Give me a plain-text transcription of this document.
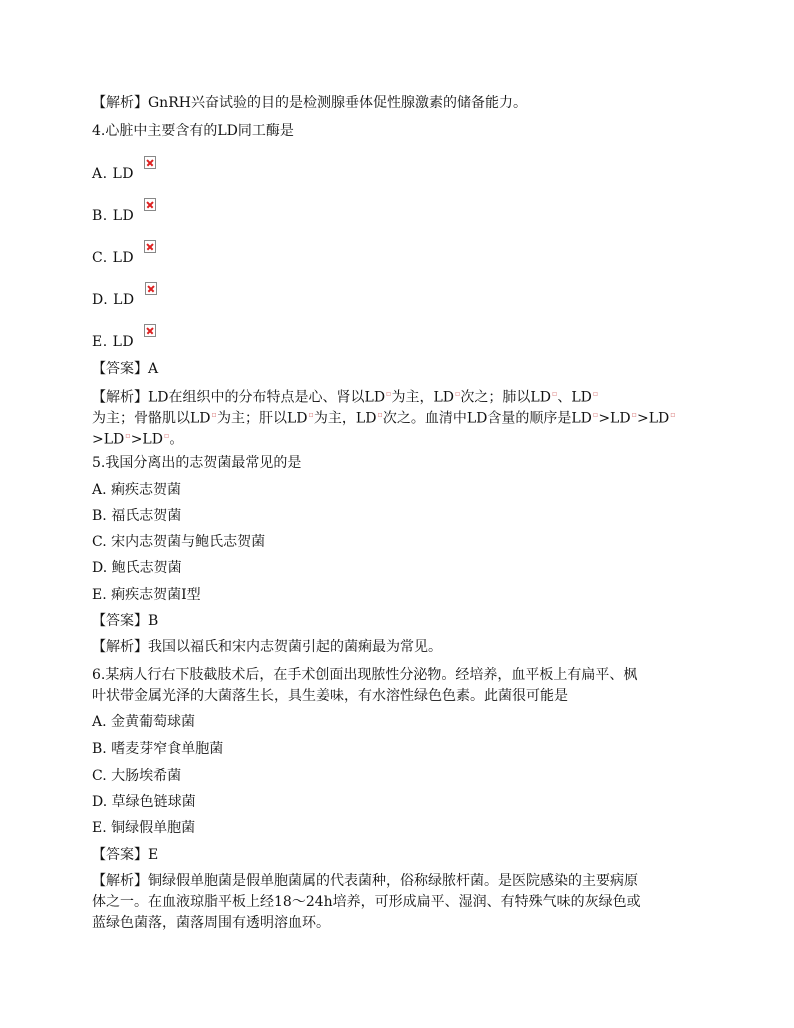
【解析】GnRH兴奋试验的目的是检测腺垂体促性腺激素的储备能力。
4.心脏中主要含有的LD同工酶是
A. LD
B. LD
C. LD
D. LD
E. LD
【答案】A
【解析】LD在组织中的分布特点是心、肾以LD▫为主，LD▫次之；肺以LD▫、LD▫
为主；骨骼肌以LD▫为主；肝以LD▫为主，LD▫次之。血清中LD含量的顺序是LD▫>LD▫>LD▫
>LD▫>LD▫。
5.我国分离出的志贺菌最常见的是
A. 痢疾志贺菌
B. 福氏志贺菌
C. 宋内志贺菌与鲍氏志贺菌
D. 鲍氏志贺菌
E. 痢疾志贺菌I型
【答案】B
【解析】我国以福氏和宋内志贺菌引起的菌痢最为常见。
6.某病人行右下肢截肢术后，在手术创面出现脓性分泌物。经培养，血平板上有扁平、枫
叶状带金属光泽的大菌落生长，具生姜味，有水溶性绿色色素。此菌很可能是
A. 金黄葡萄球菌
B. 嗜麦芽窄食单胞菌
C. 大肠埃希菌
D. 草绿色链球菌
E. 铜绿假单胞菌
【答案】E
【解析】铜绿假单胞菌是假单胞菌属的代表菌种，俗称绿脓杆菌。是医院感染的主要病原
体之一。在血液琼脂平板上经18～24h培养，可形成扁平、湿润、有特殊气味的灰绿色或
蓝绿色菌落，菌落周围有透明溶血环。
